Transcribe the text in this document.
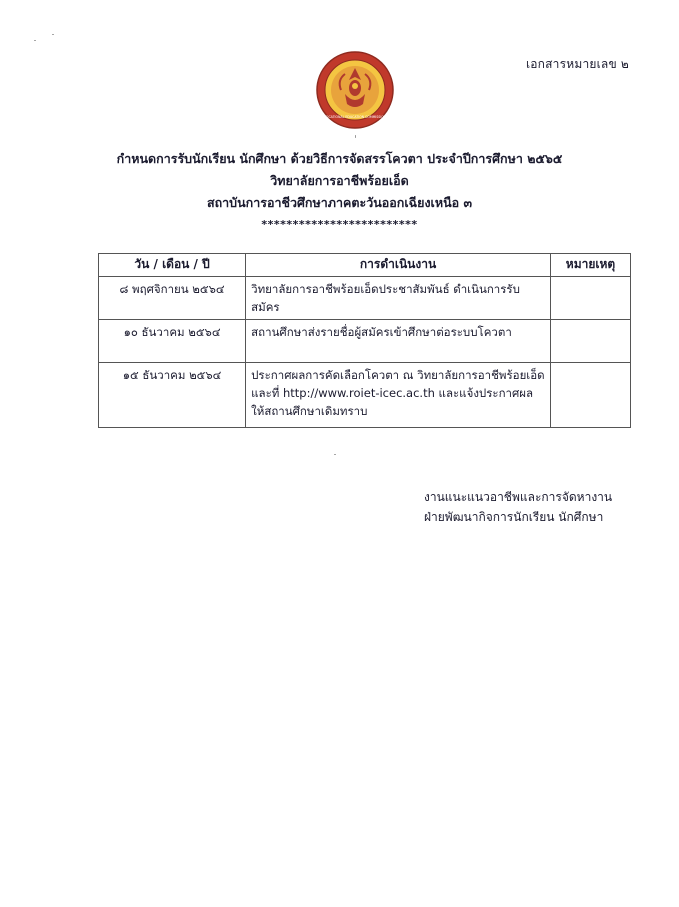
เอกสารหมายเลข ๒
VOCATIONAL EDUCATION COMMISSION
กำหนดการรับนักเรียน นักศึกษา ด้วยวิธีการจัดสรรโควตา ประจำปีการศึกษา ๒๕๖๕
วิทยาลัยการอาชีพร้อยเอ็ด
สถาบันการอาชีวศึกษาภาคตะวันออกเฉียงเหนือ ๓
*************************
วัน / เดือน / ปี	การดำเนินงาน	หมายเหตุ
๘ พฤศจิกายน ๒๕๖๔	วิทยาลัยการอาชีพร้อยเอ็ดประชาสัมพันธ์ ดำเนินการรับสมัคร	
๑๐ ธันวาคม ๒๕๖๔	สถานศึกษาส่งรายชื่อผู้สมัครเข้าศึกษาต่อระบบโควตา	
๑๕ ธันวาคม ๒๕๖๔	ประกาศผลการคัดเลือกโควตา ณ วิทยาลัยการอาชีพร้อยเอ็ด และที่ http://www.roiet-icec.ac.th และแจ้งประกาศผลให้สถานศึกษาเดิมทราบ	
งานแนะแนวอาชีพและการจัดหางาน
ฝ่ายพัฒนากิจการนักเรียน นักศึกษา
